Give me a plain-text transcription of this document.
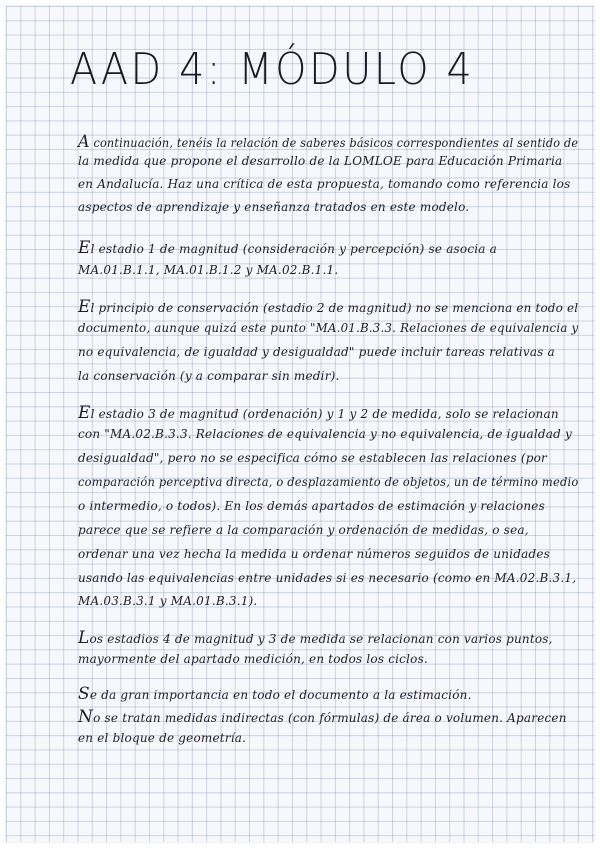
AAD 4: MÓDULO 4
A continuación, tenéis la relación de saberes básicos correspondientes al sentido de
la medida que propone el desarrollo de la LOMLOE para Educación Primaria
en Andalucía. Haz una crítica de esta propuesta, tomando como referencia los
aspectos de aprendizaje y enseñanza tratados en este modelo.
El estadio 1 de magnitud (consideración y percepción) se asocia a
MA.01.B.1.1, MA.01.B.1.2 y MA.02.B.1.1.
El principio de conservación (estadio 2 de magnitud) no se menciona en todo el
documento, aunque quizá este punto "MA.01.B.3.3. Relaciones de equivalencia y
no equivalencia, de igualdad y desigualdad" puede incluir tareas relativas a
la conservación (y a comparar sin medir).
El estadio 3 de magnitud (ordenación) y 1 y 2 de medida, solo se relacionan
con "MA.02.B.3.3. Relaciones de equivalencia y no equivalencia, de igualdad y
desigualdad", pero no se especifica cómo se establecen las relaciones (por
comparación perceptiva directa, o desplazamiento de objetos, un de término medio
o intermedio, o todos). En los demás apartados de estimación y relaciones
parece que se refiere a la comparación y ordenación de medidas, o sea,
ordenar una vez hecha la medida u ordenar números seguidos de unidades
usando las equivalencias entre unidades si es necesario (como en MA.02.B.3.1,
MA.03.B.3.1 y MA.01.B.3.1).
Los estadios 4 de magnitud y 3 de medida se relacionan con varios puntos,
mayormente del apartado medición, en todos los ciclos.
Se da gran importancia en todo el documento a la estimación.
No se tratan medidas indirectas (con fórmulas) de área o volumen. Aparecen
en el bloque de geometría.
